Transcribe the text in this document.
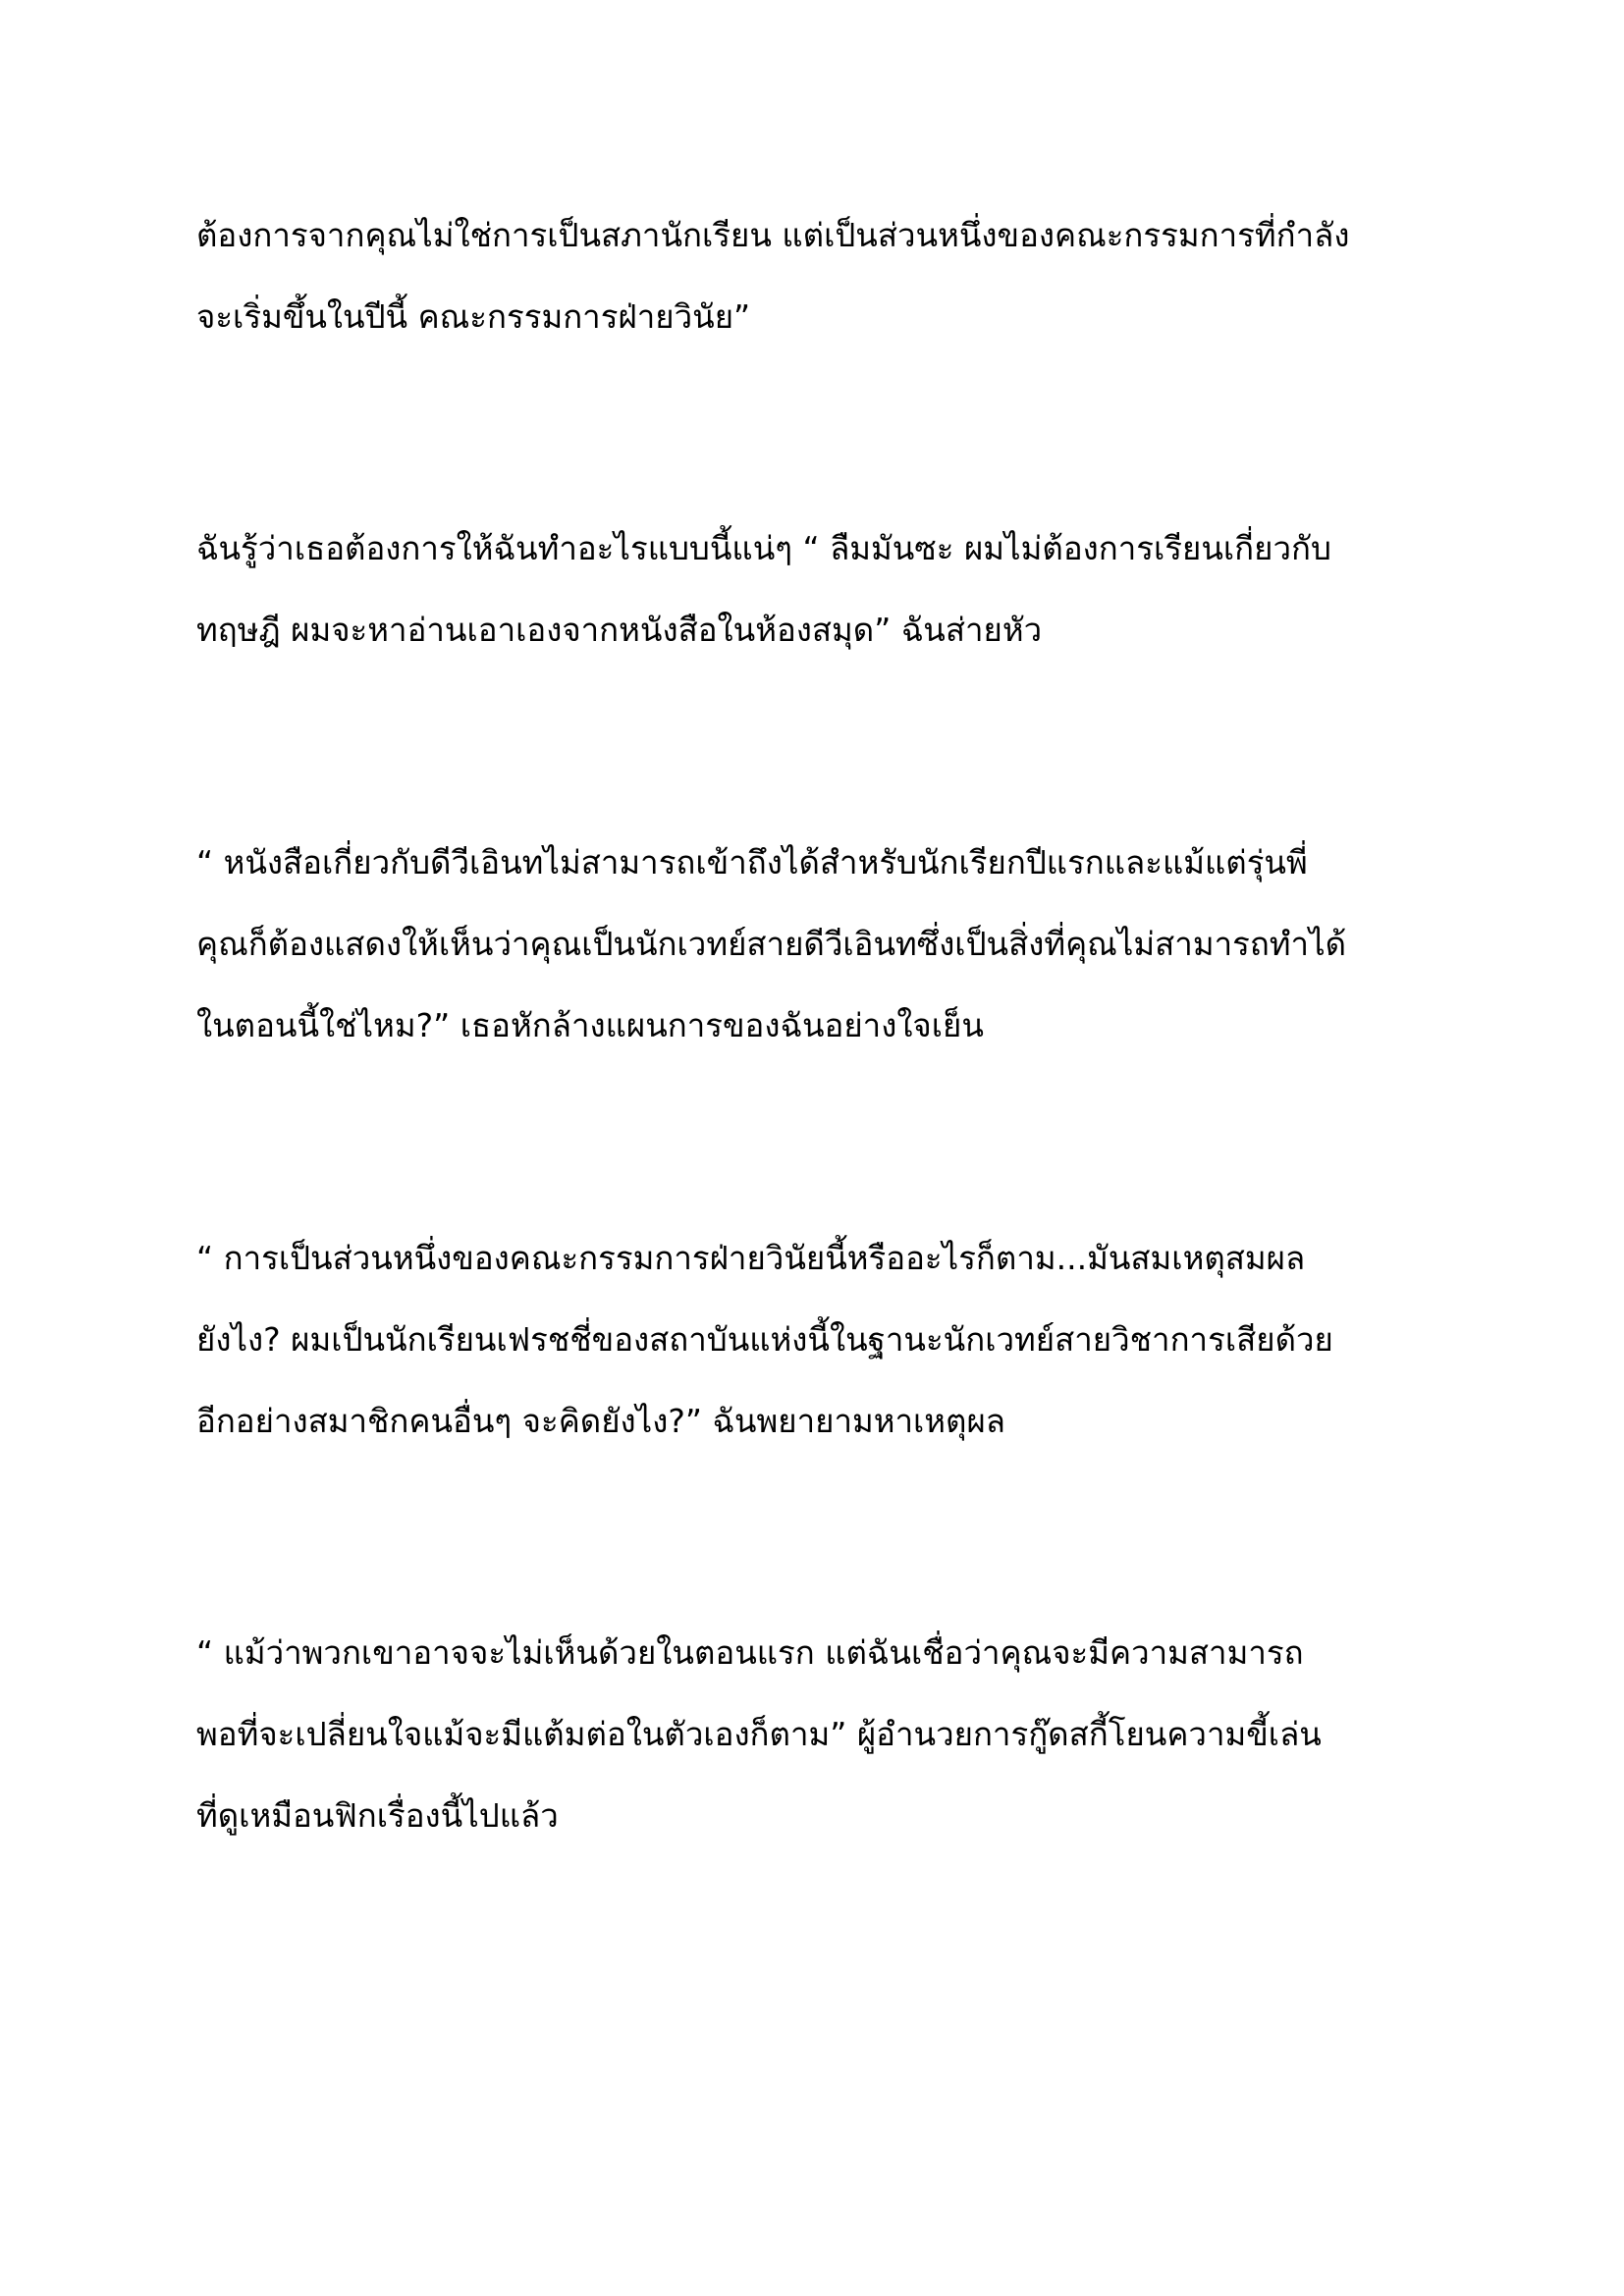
ต้องการจากคุณไม่ใช่การเป็นสภานักเรียน แต่เป็นส่วนหนึ่งของคณะกรรมการที่กำลัง
จะเริ่มขึ้นในปีนี้ คณะกรรมการฝ่ายวินัย”

ฉันรู้ว่าเธอต้องการให้ฉันทำอะไรแบบนี้แน่ๆ “ ลืมมันซะ ผมไม่ต้องการเรียนเกี่ยวกับ
ทฤษฎี ผมจะหาอ่านเอาเองจากหนังสือในห้องสมุด” ฉันส่ายหัว

“ หนังสือเกี่ยวกับดีวีเอินทไม่สามารถเข้าถึงได้สำหรับนักเรียกปีแรกและแม้แต่รุ่นพี่
คุณก็ต้องแสดงให้เห็นว่าคุณเป็นนักเวทย์สายดีวีเอินทซึ่งเป็นสิ่งที่คุณไม่สามารถทำได้
ในตอนนี้ใช่ไหม?” เธอหักล้างแผนการของฉันอย่างใจเย็น

“ การเป็นส่วนหนึ่งของคณะกรรมการฝ่ายวินัยนี้หรืออะไรก็ตาม...มันสมเหตุสมผล
ยังไง? ผมเป็นนักเรียนเฟรชชี่ของสถาบันแห่งนี้ในฐานะนักเวทย์สายวิชาการเสียด้วย
อีกอย่างสมาชิกคนอื่นๆ จะคิดยังไง?” ฉันพยายามหาเหตุผล

“ แม้ว่าพวกเขาอาจจะไม่เห็นด้วยในตอนแรก แต่ฉันเชื่อว่าคุณจะมีความสามารถ
พอที่จะเปลี่ยนใจแม้จะมีแต้มต่อในตัวเองก็ตาม” ผู้อำนวยการกู๊ดสกี้โยนความขี้เล่น
ที่ดูเหมือนฟิกเรื่องนี้ไปแล้ว
